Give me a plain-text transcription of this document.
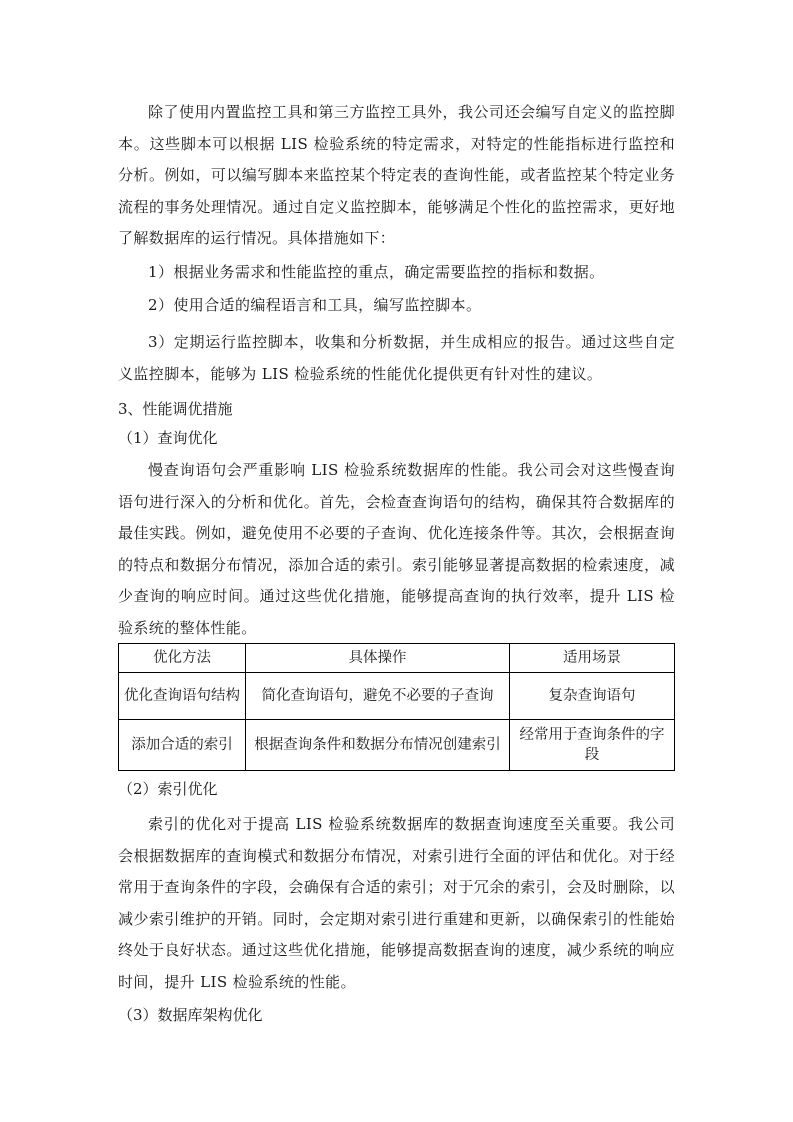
除了使用内置监控工具和第三方监控工具外，我公司还会编写自定义的监控脚本。这些脚本可以根据 LIS 检验系统的特定需求，对特定的性能指标进行监控和分析。例如，可以编写脚本来监控某个特定表的查询性能，或者监控某个特定业务流程的事务处理情况。通过自定义监控脚本，能够满足个性化的监控需求，更好地了解数据库的运行情况。具体措施如下：

1）根据业务需求和性能监控的重点，确定需要监控的指标和数据。

2）使用合适的编程语言和工具，编写监控脚本。

3）定期运行监控脚本，收集和分析数据，并生成相应的报告。通过这些自定义监控脚本，能够为 LIS 检验系统的性能优化提供更有针对性的建议。

3、性能调优措施

（1）查询优化

慢查询语句会严重影响 LIS 检验系统数据库的性能。我公司会对这些慢查询语句进行深入的分析和优化。首先，会检查查询语句的结构，确保其符合数据库的最佳实践。例如，避免使用不必要的子查询、优化连接条件等。其次，会根据查询的特点和数据分布情况，添加合适的索引。索引能够显著提高数据的检索速度，减少查询的响应时间。通过这些优化措施，能够提高查询的执行效率，提升 LIS 检验系统的整体性能。

优化方法	具体操作	适用场景
优化查询语句结构	简化查询语句，避免不必要的子查询	复杂查询语句
添加合适的索引	根据查询条件和数据分布情况创建索引	经常用于查询条件的字段

（2）索引优化

索引的优化对于提高 LIS 检验系统数据库的数据查询速度至关重要。我公司会根据数据库的查询模式和数据分布情况，对索引进行全面的评估和优化。对于经常用于查询条件的字段，会确保有合适的索引；对于冗余的索引，会及时删除，以减少索引维护的开销。同时，会定期对索引进行重建和更新，以确保索引的性能始终处于良好状态。通过这些优化措施，能够提高数据查询的速度，减少系统的响应时间，提升 LIS 检验系统的性能。

（3）数据库架构优化
